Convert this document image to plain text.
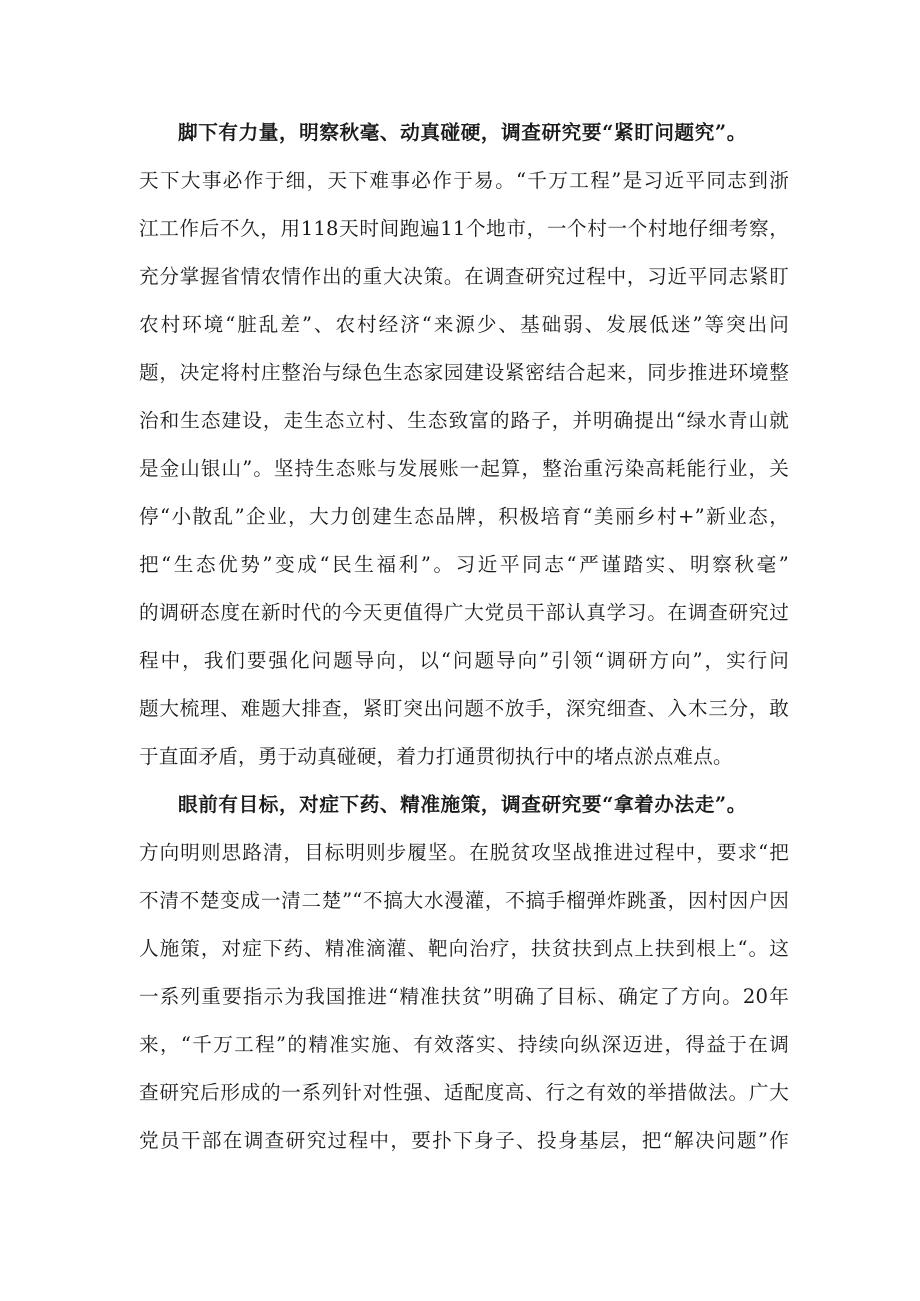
脚下有力量，明察秋毫、动真碰硬，调查研究要“紧盯问题究”。
天下大事必作于细，天下难事必作于易。“千万工程”是习近平同志到浙
江工作后不久，用118天时间跑遍11个地市，一个村一个村地仔细考察，
充分掌握省情农情作出的重大决策。在调查研究过程中，习近平同志紧盯
农村环境“脏乱差”、农村经济“来源少、基础弱、发展低迷”等突出问
题，决定将村庄整治与绿色生态家园建设紧密结合起来，同步推进环境整
治和生态建设，走生态立村、生态致富的路子，并明确提出“绿水青山就
是金山银山”。坚持生态账与发展账一起算，整治重污染高耗能行业，关
停“小散乱”企业，大力创建生态品牌，积极培育“美丽乡村+”新业态，
把“生态优势”变成“民生福利”。习近平同志“严谨踏实、明察秋毫”
的调研态度在新时代的今天更值得广大党员干部认真学习。在调查研究过
程中，我们要强化问题导向，以“问题导向”引领“调研方向”，实行问
题大梳理、难题大排查，紧盯突出问题不放手，深究细查、入木三分，敢
于直面矛盾，勇于动真碰硬，着力打通贯彻执行中的堵点淤点难点。
眼前有目标，对症下药、精准施策，调查研究要“拿着办法走”。
方向明则思路清，目标明则步履坚。在脱贫攻坚战推进过程中，要求“把
不清不楚变成一清二楚”“不搞大水漫灌，不搞手榴弹炸跳蚤，因村因户因
人施策，对症下药、精准滴灌、靶向治疗，扶贫扶到点上扶到根上“。这
一系列重要指示为我国推进“精准扶贫”明确了目标、确定了方向。20年
来，“千万工程”的精准实施、有效落实、持续向纵深迈进，得益于在调
查研究后形成的一系列针对性强、适配度高、行之有效的举措做法。广大
党员干部在调查研究过程中，要扑下身子、投身基层，把“解决问题”作
